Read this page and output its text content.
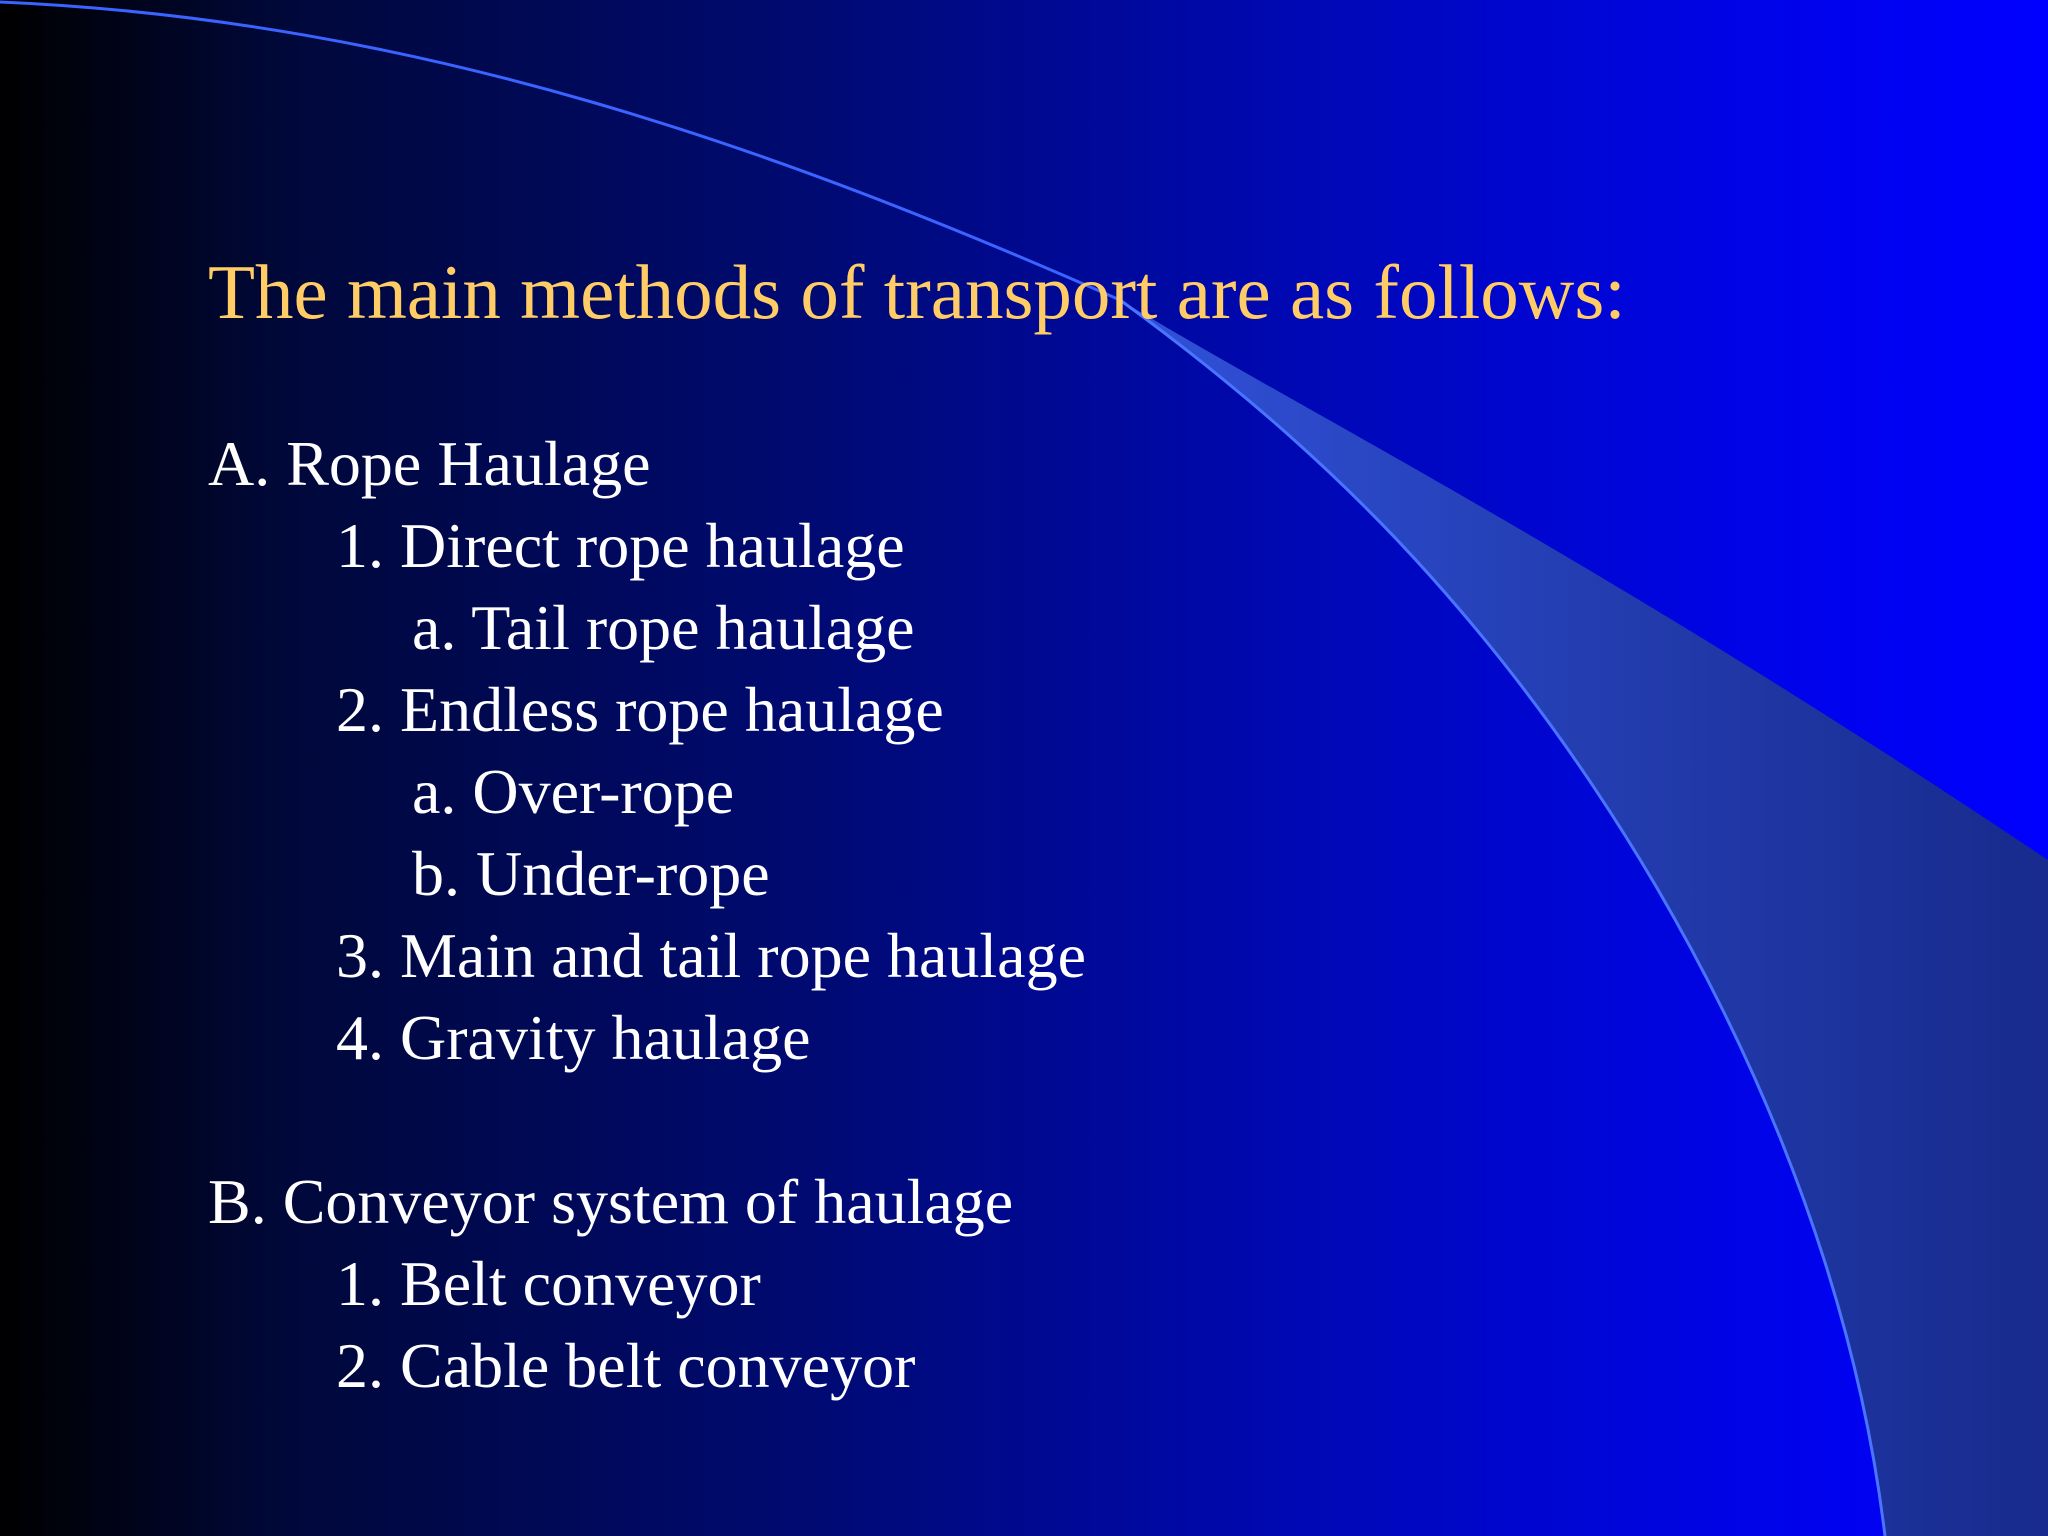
The main methods of transport are as follows:
A. Rope Haulage
1. Direct rope haulage
a. Tail rope haulage
2. Endless rope haulage
a. Over-rope
b. Under-rope
3. Main and tail rope haulage
4. Gravity haulage
B. Conveyor system of haulage
1. Belt conveyor
2. Cable belt conveyor
